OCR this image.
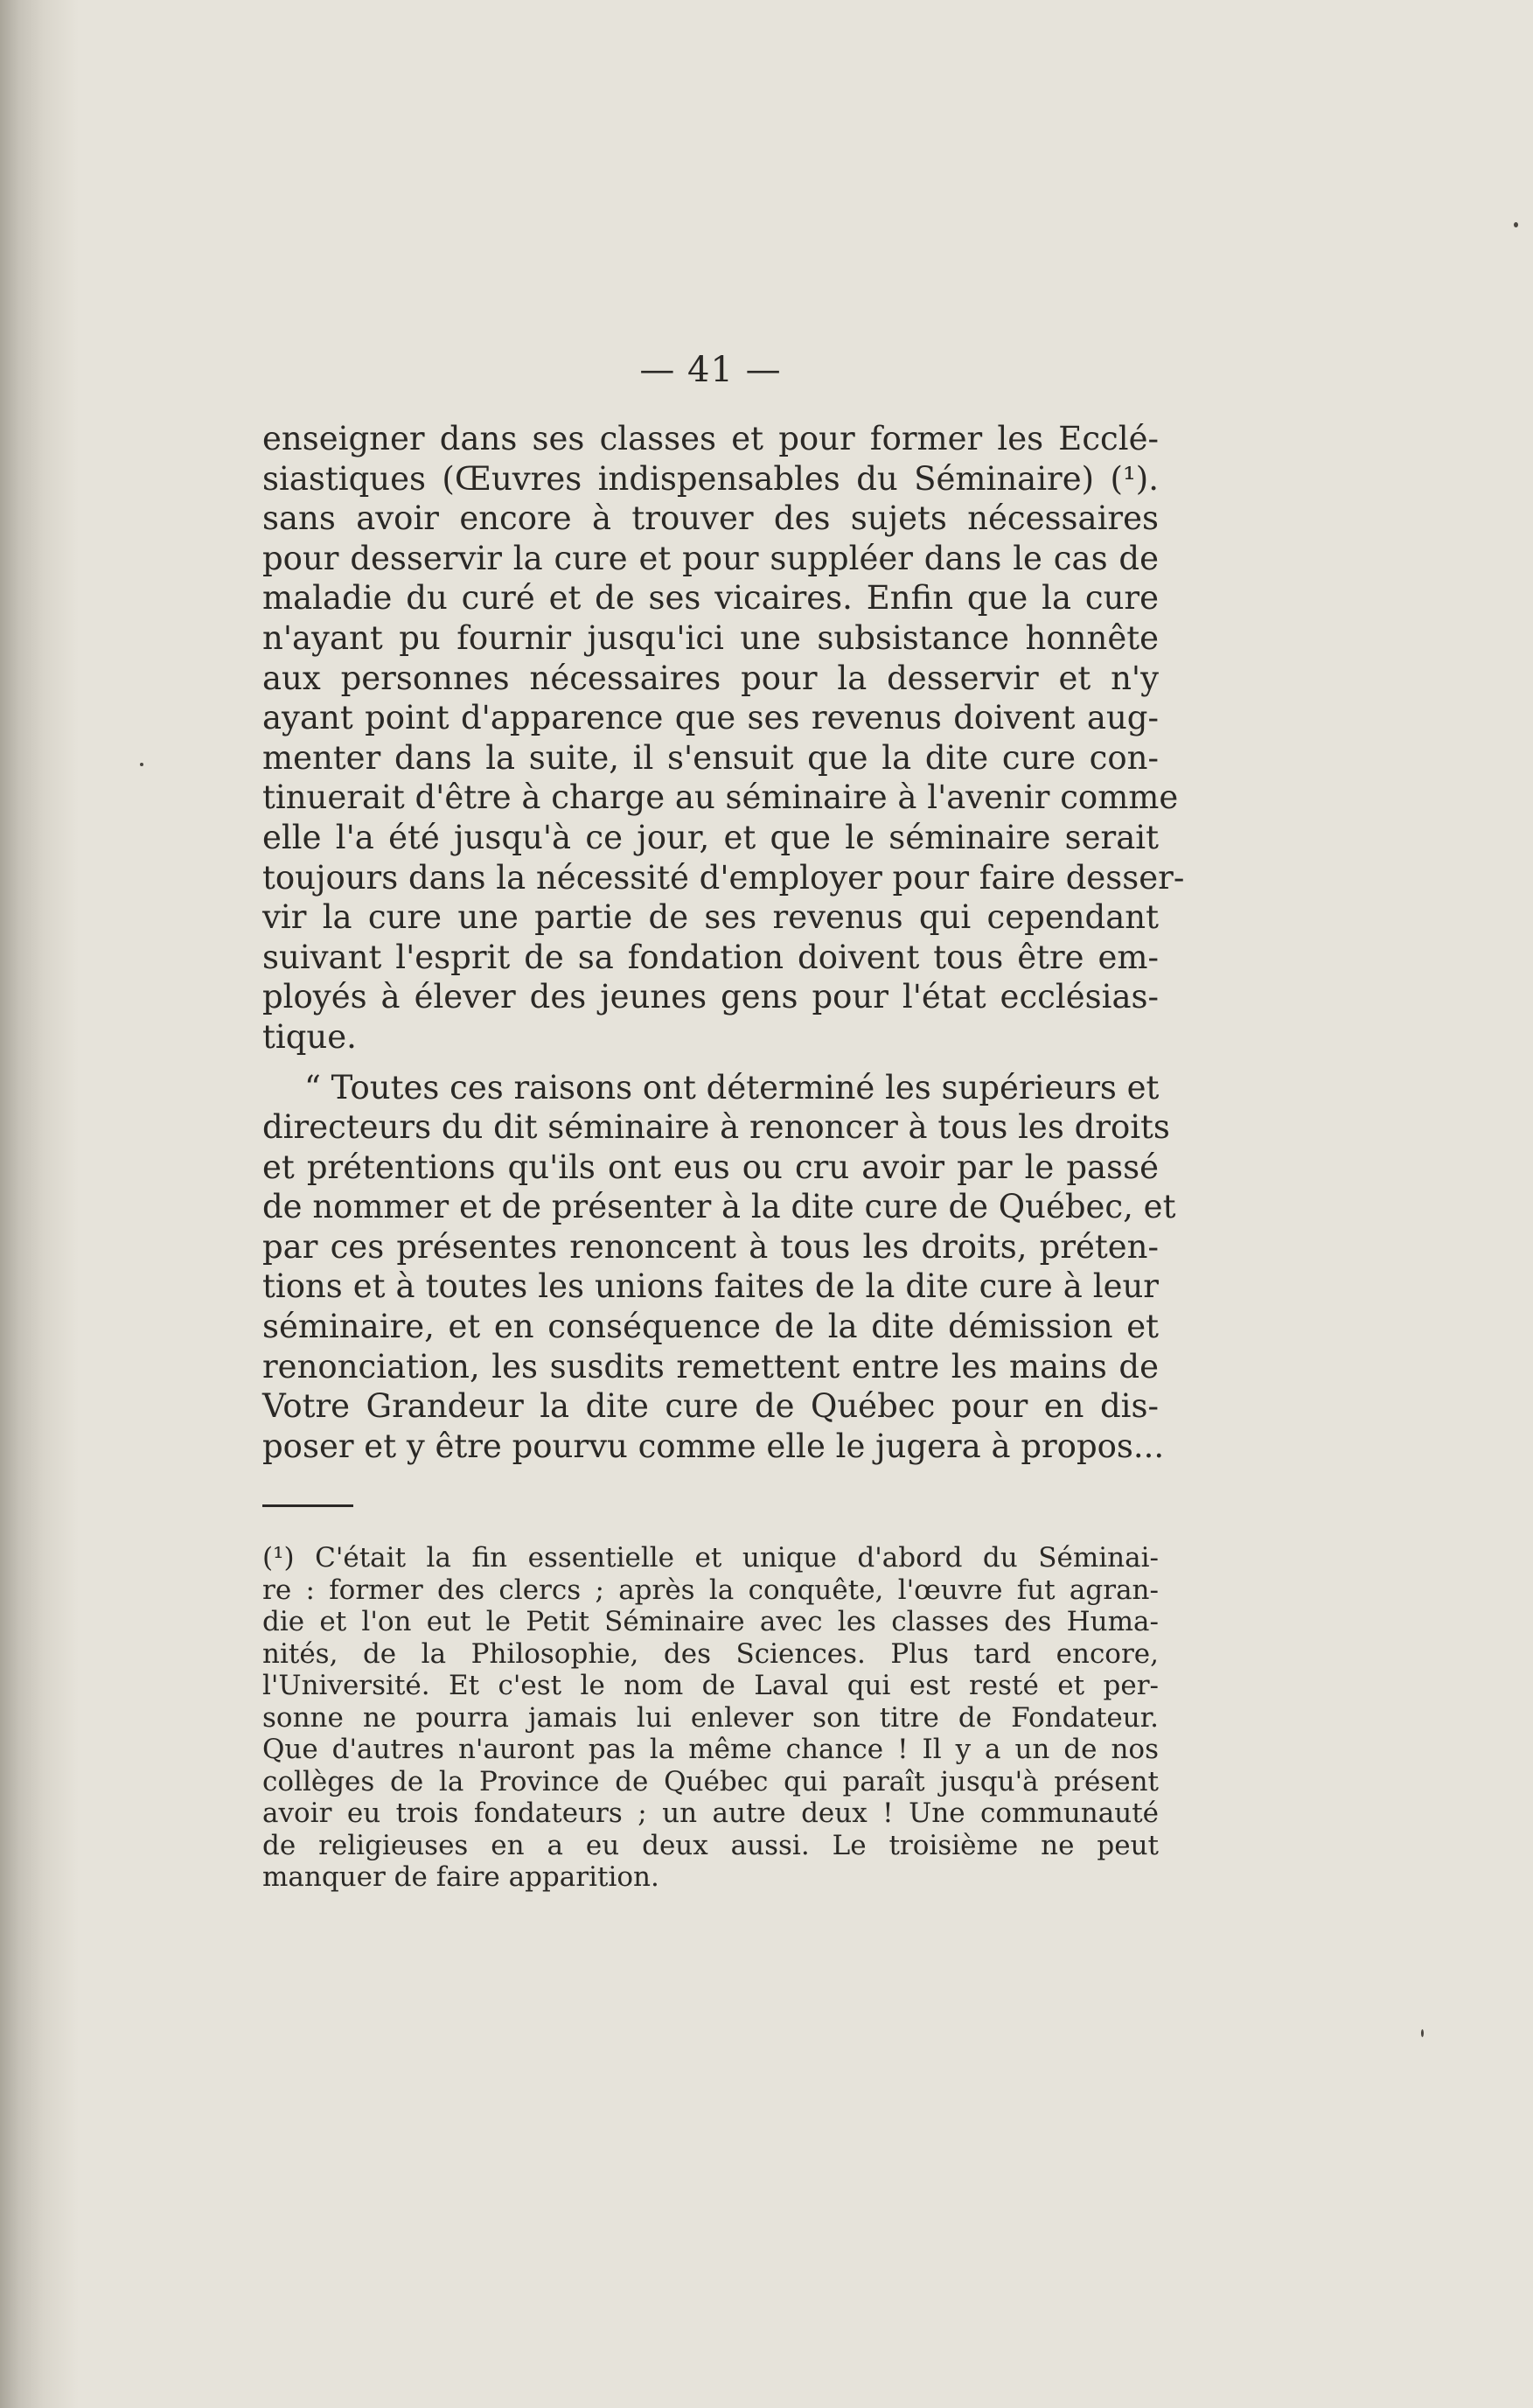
— 41 —

enseigner dans ses classes et pour former les Ecclé-
siastiques (Œuvres indispensables du Séminaire) (¹).
sans avoir encore à trouver des sujets nécessaires
pour desservir la cure et pour suppléer dans le cas de
maladie du curé et de ses vicaires. Enfin que la cure
n'ayant pu fournir jusqu'ici une subsistance honnête
aux personnes nécessaires pour la desservir et n'y
ayant point d'apparence que ses revenus doivent aug-
menter dans la suite, il s'ensuit que la dite cure con-
tinuerait d'être à charge au séminaire à l'avenir comme
elle l'a été jusqu'à ce jour, et que le séminaire serait
toujours dans la nécessité d'employer pour faire desser-
vir la cure une partie de ses revenus qui cependant
suivant l'esprit de sa fondation doivent tous être em-
ployés à élever des jeunes gens pour l'état ecclésias-
tique.

“ Toutes ces raisons ont déterminé les supérieurs et
directeurs du dit séminaire à renoncer à tous les droits
et prétentions qu'ils ont eus ou cru avoir par le passé
de nommer et de présenter à la dite cure de Québec, et
par ces présentes renoncent à tous les droits, préten-
tions et à toutes les unions faites de la dite cure à leur
séminaire, et en conséquence de la dite démission et
renonciation, les susdits remettent entre les mains de
Votre Grandeur la dite cure de Québec pour en dis-
poser et y être pourvu comme elle le jugera à propos...

(¹) C'était la fin essentielle et unique d'abord du Séminai-
re : former des clercs ; après la conquête, l'œuvre fut agran-
die et l'on eut le Petit Séminaire avec les classes des Huma-
nités, de la Philosophie, des Sciences. Plus tard encore,
l'Université. Et c'est le nom de Laval qui est resté et per-
sonne ne pourra jamais lui enlever son titre de Fondateur.
Que d'autres n'auront pas la même chance ! Il y a un de nos
collèges de la Province de Québec qui paraît jusqu'à présent
avoir eu trois fondateurs ; un autre deux ! Une communauté
de religieuses en a eu deux aussi. Le troisième ne peut
manquer de faire apparition.
